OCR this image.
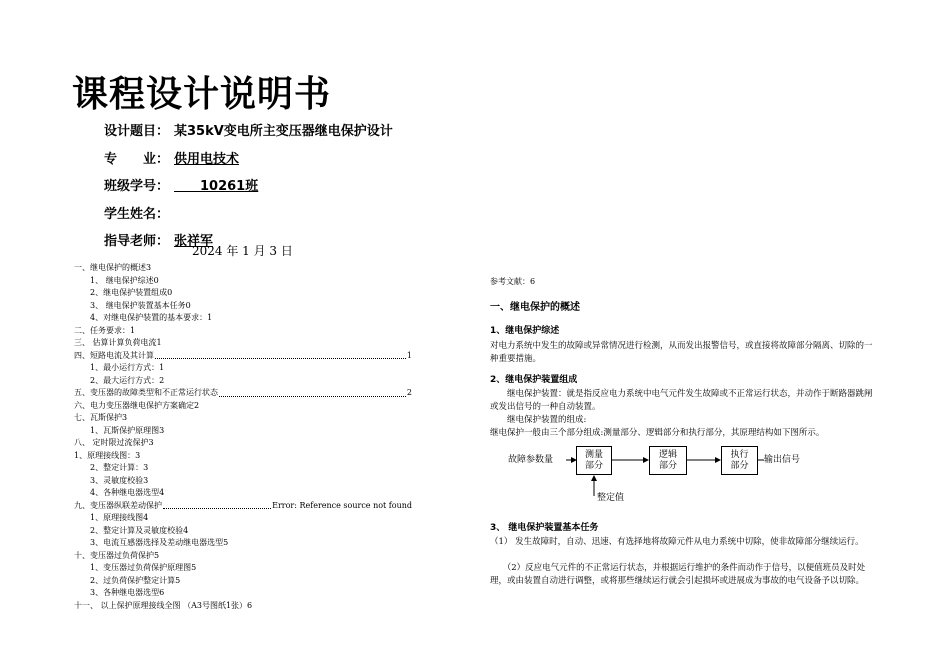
课程设计说明书
设计题目： 某35kV变电所主变压器继电保护设计
专　　业： 供用电技术
班级学号： 　　10261班
学生姓名：
指导老师： 张祥军
2024 年 1 月 3 日
一、继电保护的概述3
1、 继电保护综述0
2、继电保护装置组成0
3、 继电保护装置基本任务0
4、对继电保护装置的基本要求：1
二、任务要求：1
三、 估算计算负荷电流1
四、短路电流及其计算	1
1、最小运行方式：1
2、最大运行方式：2
五、变压器的故障类型和不正常运行状态	2
六、电力变压器继电保护方案确定2
七、瓦斯保护3
1、瓦斯保护原理图3
八、 定时限过流保护3
1、原理接线图：3
2、整定计算：3
3、灵敏度校验3
4、各种继电器选型4
九、变压器纵联差动保护	Error: Reference source not found
1、原理接线图4
2、整定计算及灵敏度校验4
3、电流互感器选择及差动继电器选型5
十、变压器过负荷保护5
1、变压器过负荷保护原理图5
2、过负荷保护整定计算5
3、各种继电器选型6
十一、 以上保护原理接线全图 （A3号图纸1张）6
参考文献：6
一、继电保护的概述
1、继电保护综述
对电力系统中发生的故障或异常情况进行检测，从而发出报警信号，或直接将故障部分隔离、切除的一种重要措施。
2、继电保护装置组成
　　继电保护装置：就是指反应电力系统中电气元件发生故障或不正常运行状态，并动作于断路器跳闸或发出信号的一种自动装置。
　　继电保护装置的组成:
继电保护一般由三个部分组成:测量部分、逻辑部分和执行部分，其原理结构如下图所示。
3、 继电保护装置基本任务
（1） 发生故障时，自动、迅速、有选择地将故障元件从电力系统中切除，使非故障部分继续运行。
　　（2）反应电气元件的不正常运行状态，并根据运行维护的条件而动作于信号，以便值班员及时处理，或由装置自动进行调整，或将那些继续运行就会引起损坏或进展成为事故的电气设备予以切除。
故障参数量
测量
部分
逻辑
部分
执行
部分
输出信号
整定值
